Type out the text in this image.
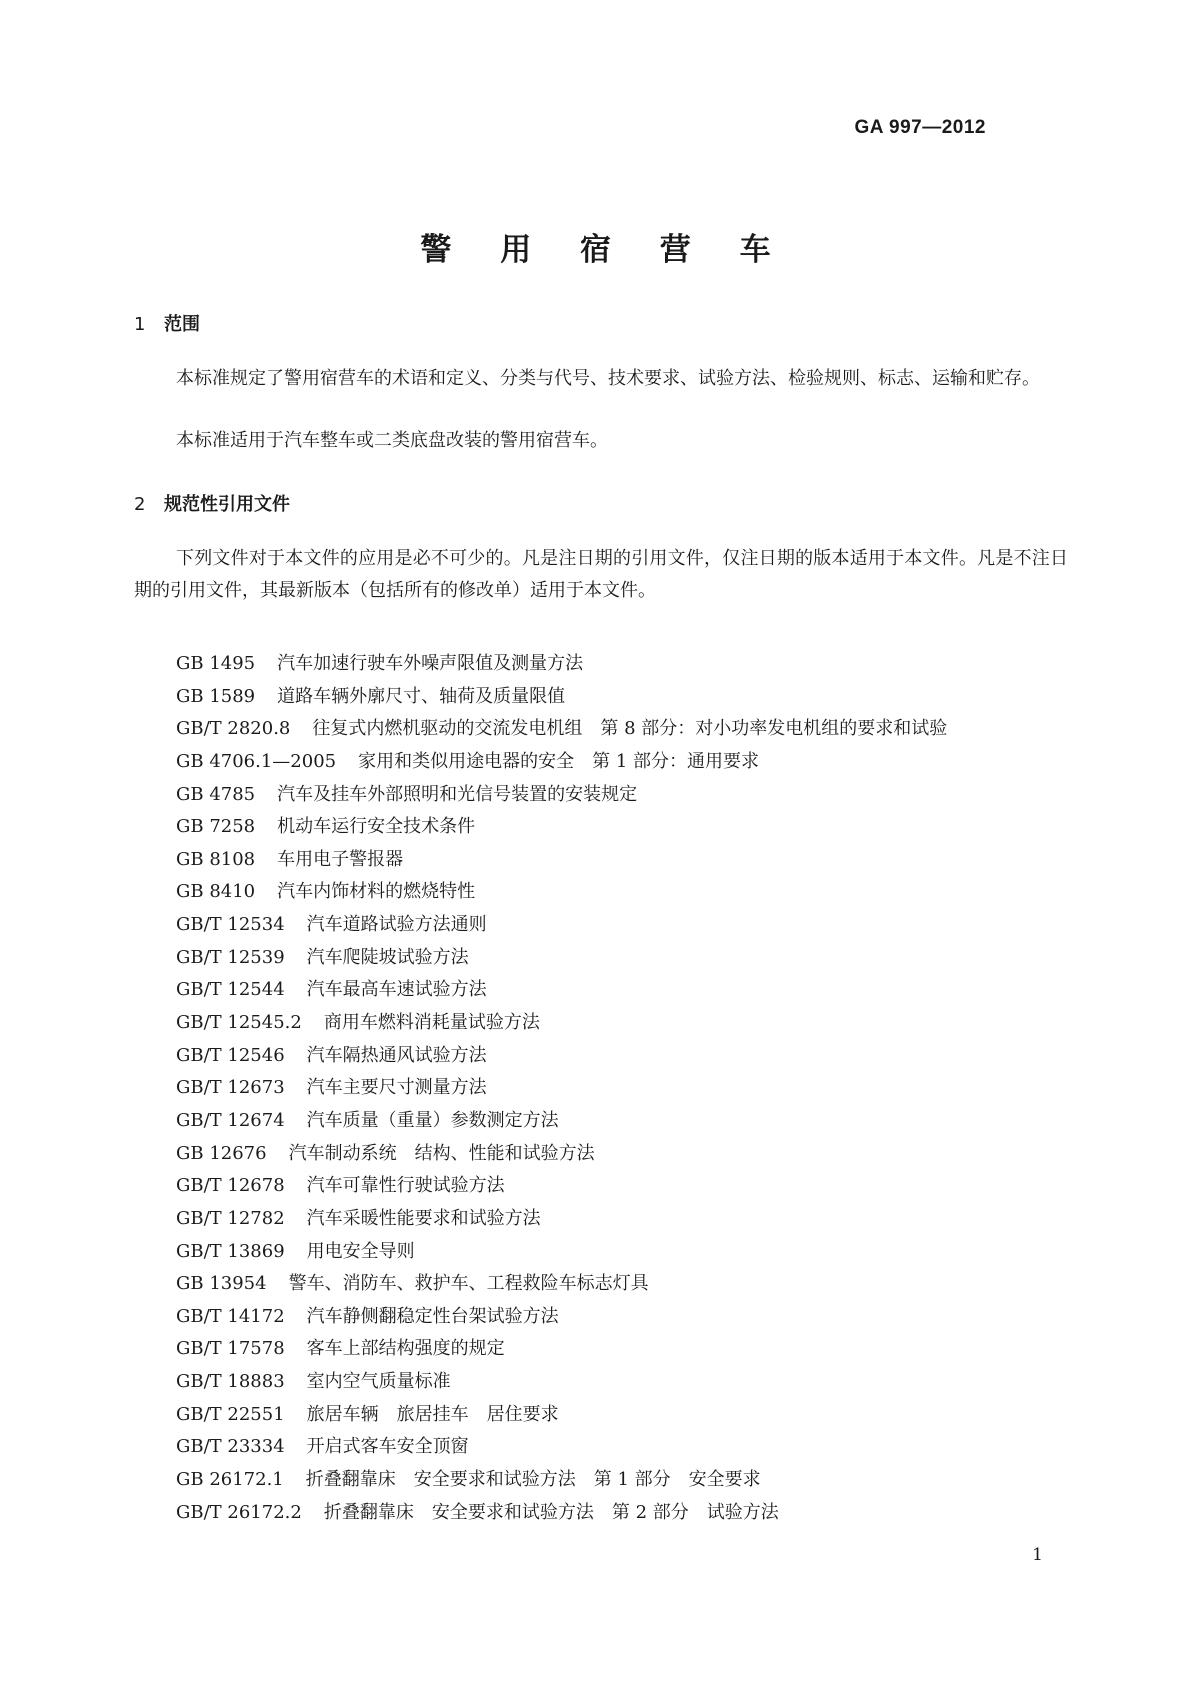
GA 997—2012
警 用 宿 营 车
1 范围
本标准规定了警用宿营车的术语和定义、分类与代号、技术要求、试验方法、检验规则、标志、运输和贮存。
本标准适用于汽车整车或二类底盘改装的警用宿营车。
2 规范性引用文件
下列文件对于本文件的应用是必不可少的。凡是注日期的引用文件，仅注日期的版本适用于本文件。凡是不注日期的引用文件，其最新版本（包括所有的修改单）适用于本文件。
GB 1495 汽车加速行驶车外噪声限值及测量方法
GB 1589 道路车辆外廓尺寸、轴荷及质量限值
GB/T 2820.8 往复式内燃机驱动的交流发电机组　第 8 部分：对小功率发电机组的要求和试验
GB 4706.1—2005 家用和类似用途电器的安全　第 1 部分：通用要求
GB 4785 汽车及挂车外部照明和光信号装置的安装规定
GB 7258 机动车运行安全技术条件
GB 8108 车用电子警报器
GB 8410 汽车内饰材料的燃烧特性
GB/T 12534 汽车道路试验方法通则
GB/T 12539 汽车爬陡坡试验方法
GB/T 12544 汽车最高车速试验方法
GB/T 12545.2 商用车燃料消耗量试验方法
GB/T 12546 汽车隔热通风试验方法
GB/T 12673 汽车主要尺寸测量方法
GB/T 12674 汽车质量（重量）参数测定方法
GB 12676 汽车制动系统　结构、性能和试验方法
GB/T 12678 汽车可靠性行驶试验方法
GB/T 12782 汽车采暖性能要求和试验方法
GB/T 13869 用电安全导则
GB 13954 警车、消防车、救护车、工程救险车标志灯具
GB/T 14172 汽车静侧翻稳定性台架试验方法
GB/T 17578 客车上部结构强度的规定
GB/T 18883 室内空气质量标准
GB/T 22551 旅居车辆　旅居挂车　居住要求
GB/T 23334 开启式客车安全顶窗
GB 26172.1 折叠翻靠床　安全要求和试验方法　第 1 部分　安全要求
GB/T 26172.2 折叠翻靠床　安全要求和试验方法　第 2 部分　试验方法
1
